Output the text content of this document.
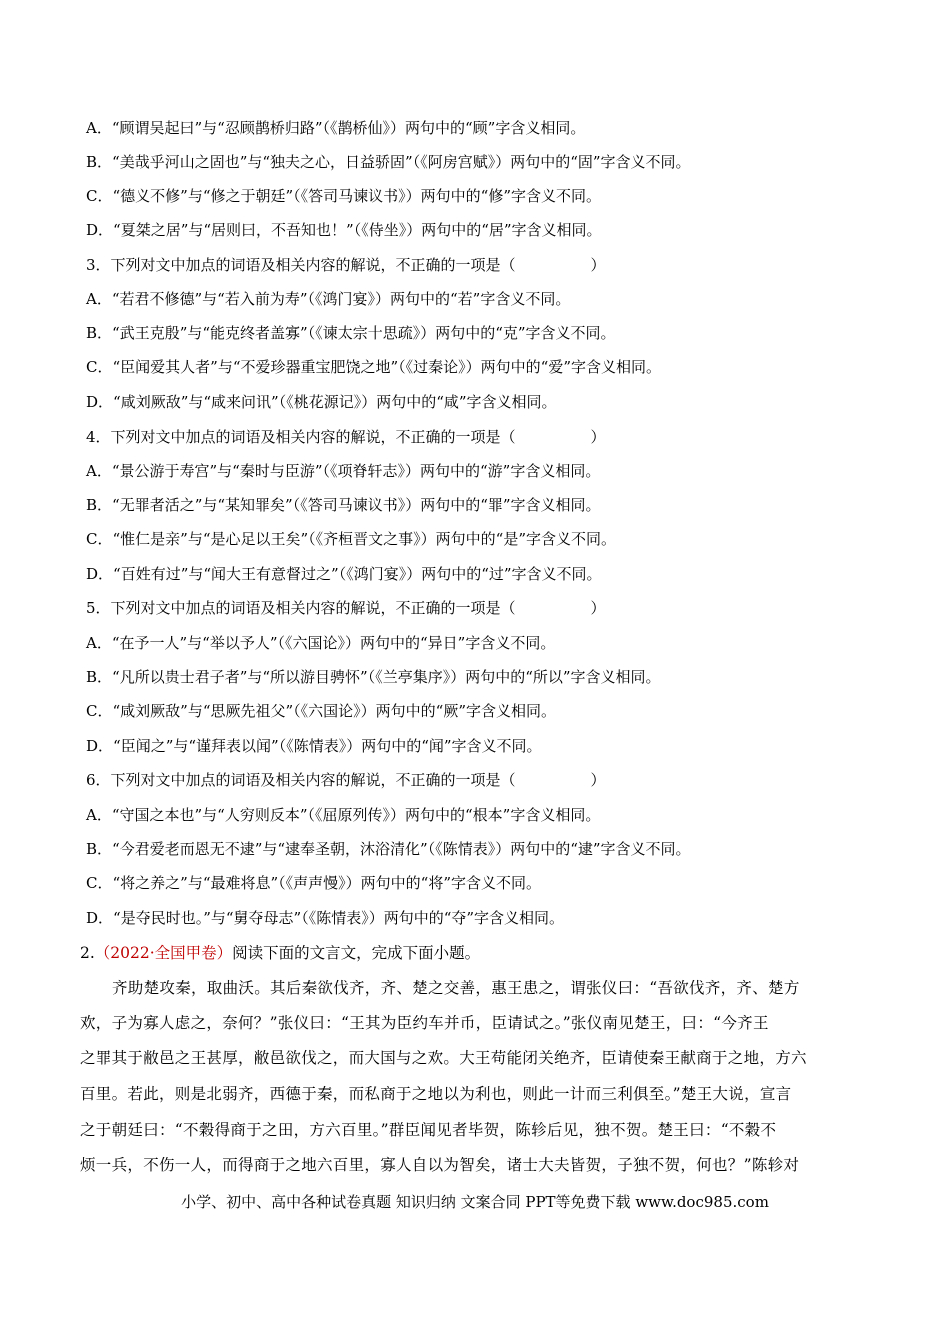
A．“顾谓吴起曰”与“忍顾鹊桥归路”（《鹊桥仙》）两句中的“顾”字含义相同。
B．“美哉乎河山之固也”与“独夫之心，日益骄固”（《阿房宫赋》）两句中的“固”字含义不同。
C．“德义不修”与“修之于朝廷”（《答司马谏议书》）两句中的“修”字含义不同。
D．“夏桀之居”与“居则曰，不吾知也！”（《侍坐》）两句中的“居”字含义相同。
3．下列对文中加点的词语及相关内容的解说，不正确的一项是（　　　　　）
A．“若君不修德”与“若入前为寿”（《鸿门宴》）两句中的“若”字含义不同。
B．“武王克殷”与“能克终者盖寡”（《谏太宗十思疏》）两句中的“克”字含义不同。
C．“臣闻爱其人者”与“不爱珍器重宝肥饶之地”（《过秦论》）两句中的“爱”字含义相同。
D．“咸刘厥敌”与“咸来问讯”（《桃花源记》）两句中的“咸”字含义相同。
4．下列对文中加点的词语及相关内容的解说，不正确的一项是（　　　　　）
A．“景公游于寿宫”与“秦时与臣游”（《项脊轩志》）两句中的“游”字含义相同。
B．“无罪者活之”与“某知罪矣”（《答司马谏议书》）两句中的“罪”字含义相同。
C．“惟仁是亲”与“是心足以王矣”（《齐桓晋文之事》）两句中的“是”字含义不同。
D．“百姓有过”与“闻大王有意督过之”（《鸿门宴》）两句中的“过”字含义不同。
5．下列对文中加点的词语及相关内容的解说，不正确的一项是（　　　　　）
A．“在予一人”与“举以予人”（《六国论》）两句中的“异日”字含义不同。
B．“凡所以贵士君子者”与“所以游目骋怀”（《兰亭集序》）两句中的“所以”字含义相同。
C．“咸刘厥敌”与“思厥先祖父”（《六国论》）两句中的“厥”字含义相同。
D．“臣闻之”与“谨拜表以闻”（《陈情表》）两句中的“闻”字含义不同。
6．下列对文中加点的词语及相关内容的解说，不正确的一项是（　　　　　）
A．“守国之本也”与“人穷则反本”（《屈原列传》）两句中的“根本”字含义相同。
B．“今君爱老而恩无不逮”与“逮奉圣朝，沐浴清化”（《陈情表》）两句中的“逮”字含义不同。
C．“将之养之”与“最难将息”（《声声慢》）两句中的“将”字含义不同。
D．“是夺民时也。”与“舅夺母志”（《陈情表》）两句中的“夺”字含义相同。
2.（2022·全国甲卷）阅读下面的文言文，完成下面小题。
齐助楚攻秦，取曲沃。其后秦欲伐齐，齐、楚之交善，惠王患之，谓张仪曰：“吾欲伐齐，齐、楚方
欢，子为寡人虑之，奈何？”张仪曰：“王其为臣约车并币，臣请试之。”张仪南见楚王，曰：“今齐王
之罪其于敝邑之王甚厚，敝邑欲伐之，而大国与之欢。大王苟能闭关绝齐，臣请使秦王献商于之地，方六
百里。若此，则是北弱齐，西德于秦，而私商于之地以为利也，则此一计而三利俱至。”楚王大说，宣言
之于朝廷曰：“不穀得商于之田，方六百里。”群臣闻见者毕贺，陈轸后见，独不贺。楚王曰：“不穀不
烦一兵，不伤一人，而得商于之地六百里，寡人自以为智矣，诸士大夫皆贺，子独不贺，何也？”陈轸对
小学、初中、高中各种试卷真题 知识归纳 文案合同 PPT等免费下载 www.doc985.com
